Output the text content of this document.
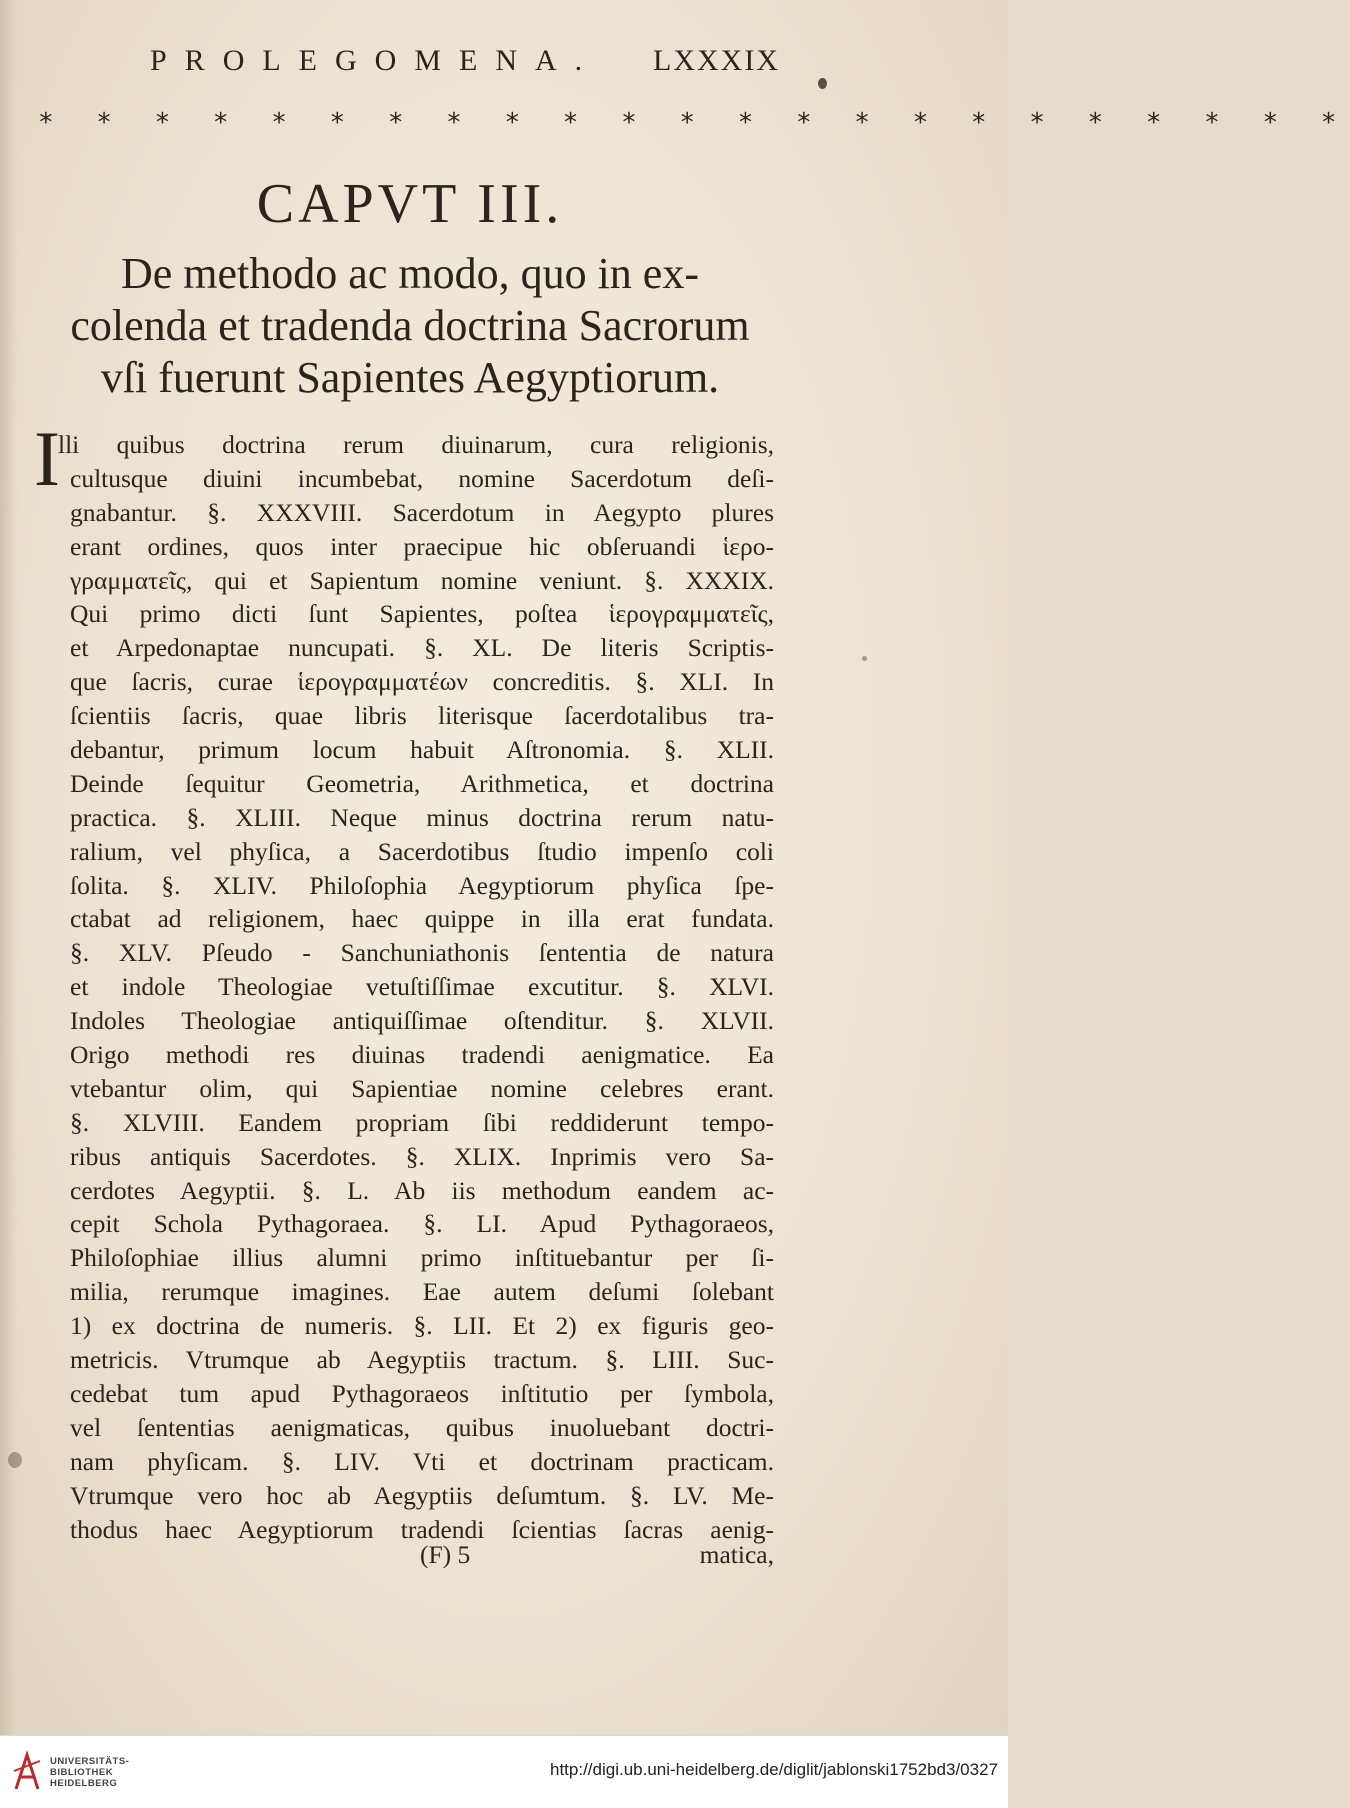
PROLEGOMENA. LXXXIX
* * * * * * * * * * * * * * * * * * * * * * *
CAPVT III.
De methodo ac modo, quo in ex-
colenda et tradenda doctrina Sacrorum
vſi fuerunt Sapientes Aegyptiorum.
I
lli quibus doctrina rerum diuinarum, cura religionis,
cultusque diuini incumbebat, nomine Sacerdotum deſi-
gnabantur. §. XXXVIII. Sacerdotum in Aegypto plures
erant ordines, quos inter praecipue hic obſeruandi ἱερο-
γραμματεῖς, qui et Sapientum nomine veniunt. §. XXXIX.
Qui primo dicti ſunt Sapientes, poſtea ἱερογραμματεῖς,
et Arpedonaptae nuncupati. §. XL. De literis Scriptis-
que ſacris, curae ἱερογραμματέων concreditis. §. XLI. In
ſcientiis ſacris, quae libris literisque ſacerdotalibus tra-
debantur, primum locum habuit Aſtronomia. §. XLII.
Deinde ſequitur Geometria, Arithmetica, et doctrina
practica. §. XLIII. Neque minus doctrina rerum natu-
ralium, vel phyſica, a Sacerdotibus ſtudio impenſo coli
ſolita. §. XLIV. Philoſophia Aegyptiorum phyſica ſpe-
ctabat ad religionem, haec quippe in illa erat fundata.
§. XLV. Pſeudo - Sanchuniathonis ſententia de natura
et indole Theologiae vetuſtiſſimae excutitur. §. XLVI.
Indoles Theologiae antiquiſſimae oſtenditur. §. XLVII.
Origo methodi res diuinas tradendi aenigmatice. Ea
vtebantur olim, qui Sapientiae nomine celebres erant.
§. XLVIII. Eandem propriam ſibi reddiderunt tempo-
ribus antiquis Sacerdotes. §. XLIX. Inprimis vero Sa-
cerdotes Aegyptii. §. L. Ab iis methodum eandem ac-
cepit Schola Pythagoraea. §. LI. Apud Pythagoraeos,
Philoſophiae illius alumni primo inſtituebantur per ſi-
milia, rerumque imagines. Eae autem deſumi ſolebant
1) ex doctrina de numeris. §. LII. Et 2) ex figuris geo-
metricis. Vtrumque ab Aegyptiis tractum. §. LIII. Suc-
cedebat tum apud Pythagoraeos inſtitutio per ſymbola,
vel ſententias aenigmaticas, quibus inuoluebant doctri-
nam phyſicam. §. LIV. Vti et doctrinam practicam.
Vtrumque vero hoc ab Aegyptiis deſumtum. §. LV. Me-
thodus haec Aegyptiorum tradendi ſcientias ſacras aenig-
(F) 5	matica,
UNIVERSITÄTS-
BIBLIOTHEK
HEIDELBERG
http://digi.ub.uni-heidelberg.de/diglit/jablonski1752bd3/0327
